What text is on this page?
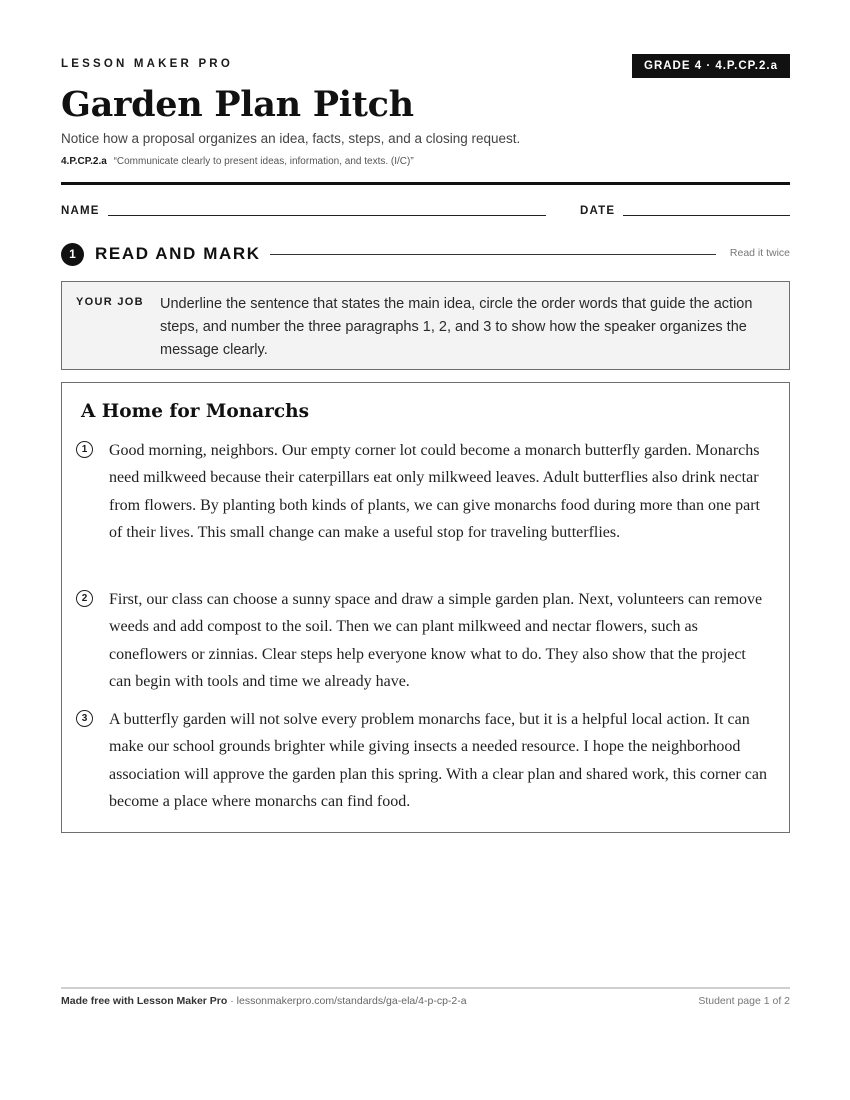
LESSON MAKER PRO	GRADE 4 · 4.P.CP.2.a
Garden Plan Pitch
Notice how a proposal organizes an idea, facts, steps, and a closing request.
4.P.CP.2.a “Communicate clearly to present ideas, information, and texts. (I/C)”
NAME	DATE
1	READ AND MARK	Read it twice
YOUR JOB Underline the sentence that states the main idea, circle the order words that guide the action steps, and number the three paragraphs 1, 2, and 3 to show how the speaker organizes the message clearly.
A Home for Monarchs
1	Good morning, neighbors. Our empty corner lot could become a monarch butterfly garden. Monarchs need milkweed because their caterpillars eat only milkweed leaves. Adult butterflies also drink nectar from flowers. By planting both kinds of plants, we can give monarchs food during more than one part of their lives. This small change can make a useful stop for traveling butterflies.

2	First, our class can choose a sunny space and draw a simple garden plan. Next, volunteers can remove weeds and add compost to the soil. Then we can plant milkweed and nectar flowers, such as coneflowers or zinnias. Clear steps help everyone know what to do. They also show that the project can begin with tools and time we already have.

3	A butterfly garden will not solve every problem monarchs face, but it is a helpful local action. It can make our school grounds brighter while giving insects a needed resource. I hope the neighborhood association will approve the garden plan this spring. With a clear plan and shared work, this corner can become a place where monarchs can find food.

Made free with Lesson Maker Pro · lessonmakerpro.com/standards/ga-ela/4-p-cp-2-a	Student page 1 of 2
